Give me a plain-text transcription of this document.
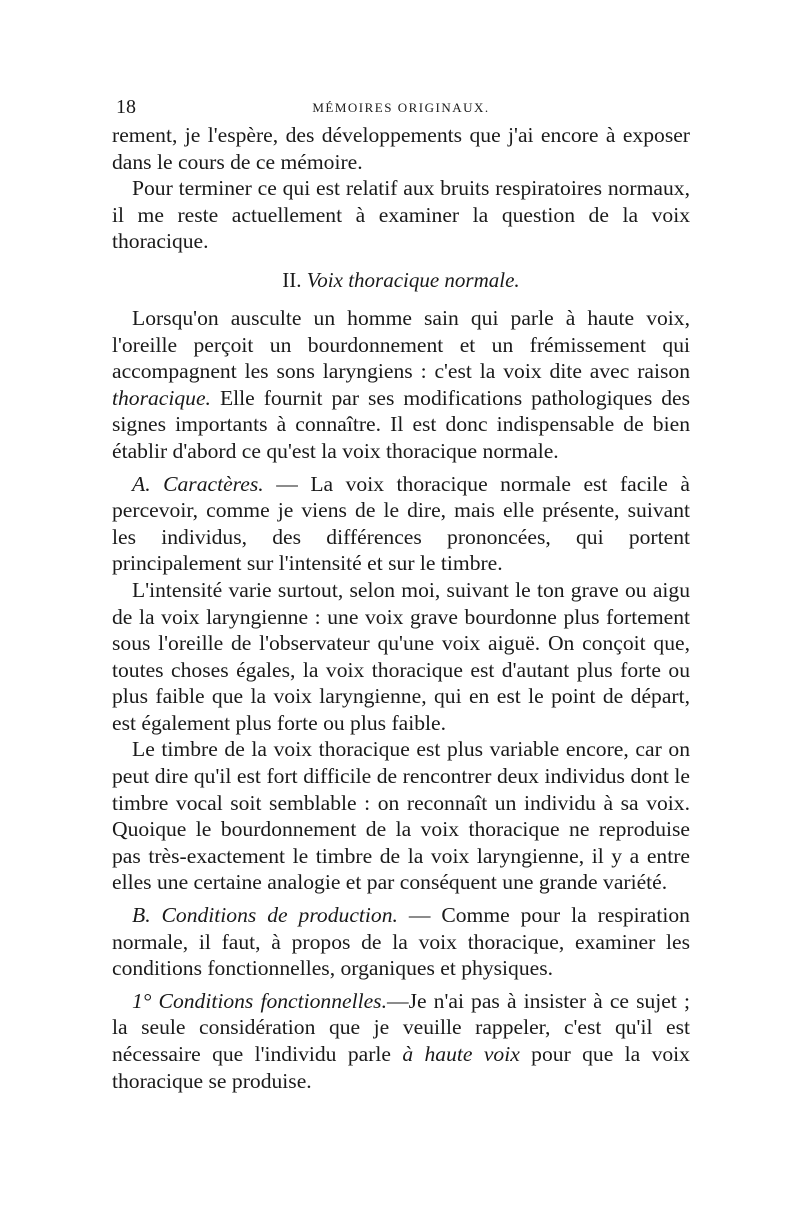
18	MÉMOIRES ORIGINAUX.

rement, je l'espère, des développements que j'ai encore à exposer dans le cours de ce mémoire.

Pour terminer ce qui est relatif aux bruits respiratoires normaux, il me reste actuellement à examiner la question de la voix thoracique.

II. Voix thoracique normale.

Lorsqu'on ausculte un homme sain qui parle à haute voix, l'oreille perçoit un bourdonnement et un frémissement qui accompagnent les sons laryngiens : c'est la voix dite avec raison thoracique. Elle fournit par ses modifications pathologiques des signes importants à connaître. Il est donc indispensable de bien établir d'abord ce qu'est la voix thoracique normale.

A. Caractères. — La voix thoracique normale est facile à percevoir, comme je viens de le dire, mais elle présente, suivant les individus, des différences prononcées, qui portent principalement sur l'intensité et sur le timbre.

L'intensité varie surtout, selon moi, suivant le ton grave ou aigu de la voix laryngienne : une voix grave bourdonne plus fortement sous l'oreille de l'observateur qu'une voix aiguë. On conçoit que, toutes choses égales, la voix thoracique est d'autant plus forte ou plus faible que la voix laryngienne, qui en est le point de départ, est également plus forte ou plus faible.

Le timbre de la voix thoracique est plus variable encore, car on peut dire qu'il est fort difficile de rencontrer deux individus dont le timbre vocal soit semblable : on reconnaît un individu à sa voix. Quoique le bourdonnement de la voix thoracique ne reproduise pas très-exactement le timbre de la voix laryngienne, il y a entre elles une certaine analogie et par conséquent une grande variété.

B. Conditions de production. — Comme pour la respiration normale, il faut, à propos de la voix thoracique, examiner les conditions fonctionnelles, organiques et physiques.

1° Conditions fonctionnelles.—Je n'ai pas à insister à ce sujet ; la seule considération que je veuille rappeler, c'est qu'il est nécessaire que l'individu parle à haute voix pour que la voix thoracique se produise.
